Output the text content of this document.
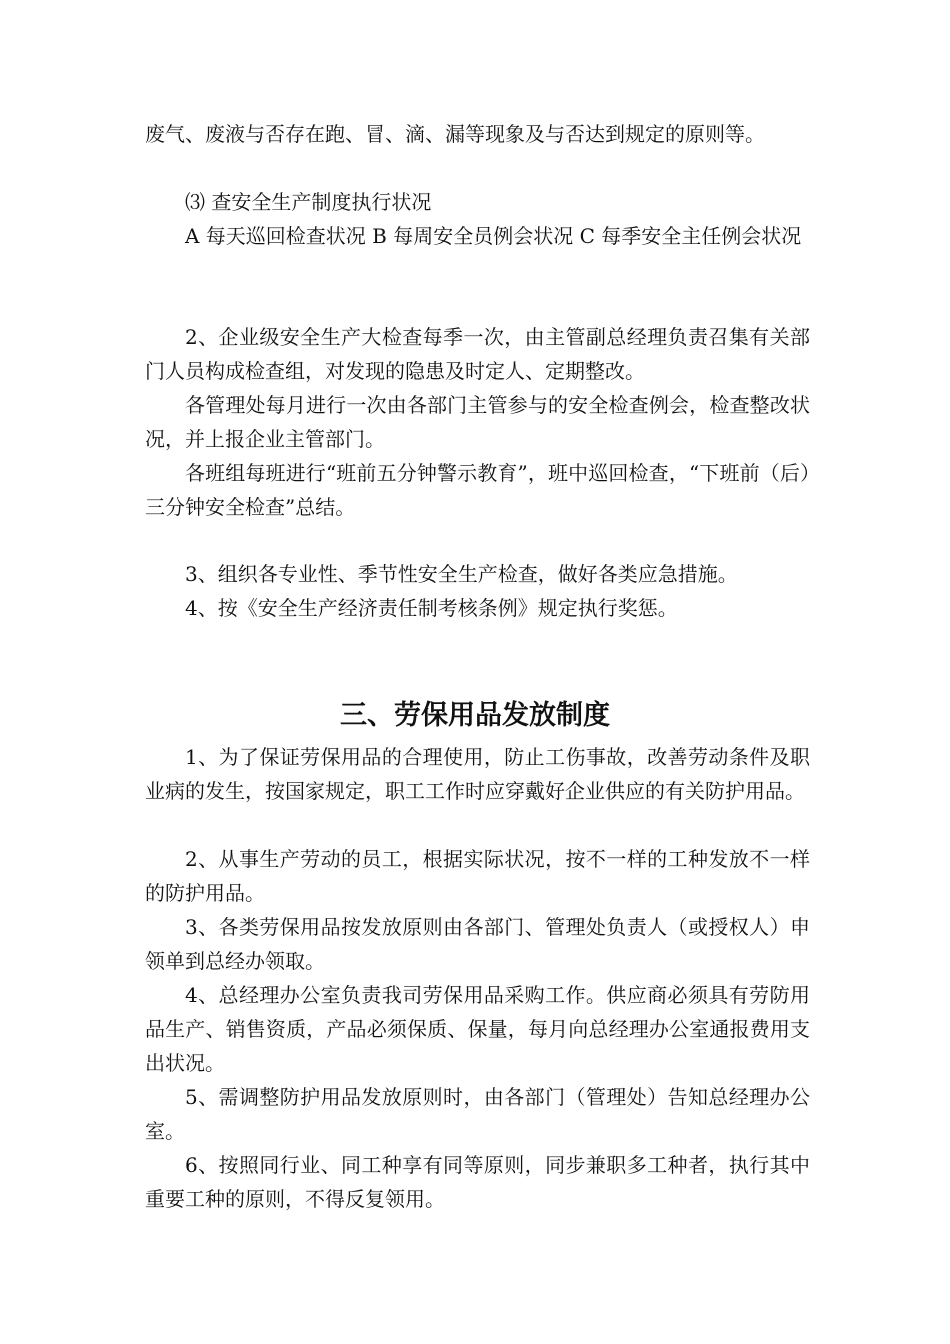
废气、废液与否存在跑、冒、滴、漏等现象及与否达到规定的原则等。

⑶ 查安全生产制度执行状况

A 每天巡回检查状况 B 每周安全员例会状况 C 每季安全主任例会状况

2、企业级安全生产大检查每季一次，由主管副总经理负责召集有关部门人员构成检查组，对发现的隐患及时定人、定期整改。

各管理处每月进行一次由各部门主管参与的安全检查例会，检查整改状况，并上报企业主管部门。

各班组每班进行“班前五分钟警示教育”，班中巡回检查，“下班前（后）三分钟安全检查”总结。

3、组织各专业性、季节性安全生产检查，做好各类应急措施。

4、按《安全生产经济责任制考核条例》规定执行奖惩。

三、劳保用品发放制度

1、为了保证劳保用品的合理使用，防止工伤事故，改善劳动条件及职业病的发生，按国家规定，职工工作时应穿戴好企业供应的有关防护用品。

2、从事生产劳动的员工，根据实际状况，按不一样的工种发放不一样的防护用品。

3、各类劳保用品按发放原则由各部门、管理处负责人（或授权人）申领单到总经办领取。

4、总经理办公室负责我司劳保用品采购工作。供应商必须具有劳防用品生产、销售资质，产品必须保质、保量，每月向总经理办公室通报费用支出状况。

5、需调整防护用品发放原则时，由各部门（管理处）告知总经理办公室。

6、按照同行业、同工种享有同等原则，同步兼职多工种者，执行其中重要工种的原则，不得反复领用。
